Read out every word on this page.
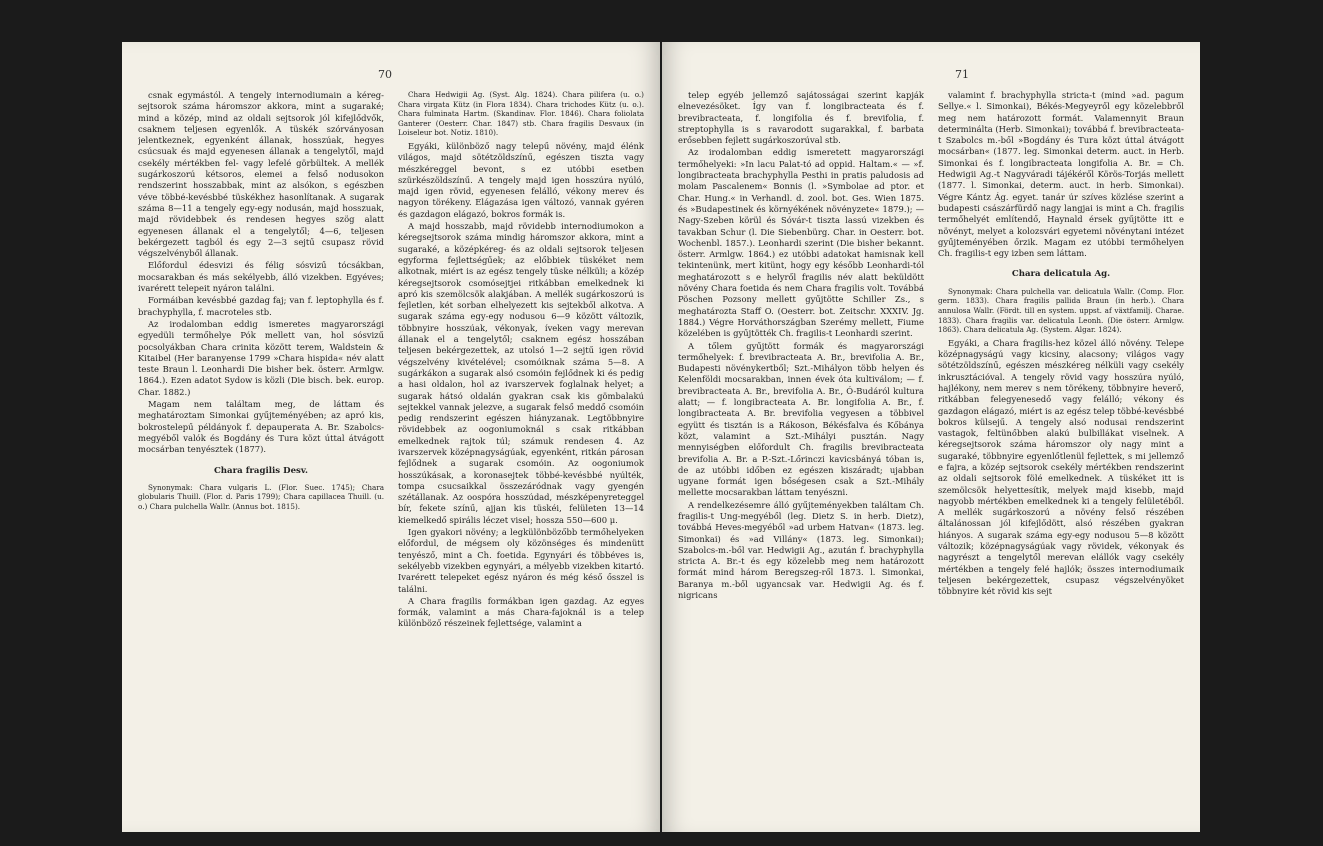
70

csnak egymástól. A tengely internodiumain a kéreg-sejtsorok száma háromszor akkora, mint a sugaraké; mind a közép, mind az oldali sejtsorok jól kifejlődvők, csaknem teljesen egyenlők. A tüskék szórványosan jelentkeznek, egyenként állanak, hosszúak, hegyes csúcsuak és majd egyenesen állanak a tengelytől, majd csekély mértékben fel- vagy lefelé görbültek. A mellék sugárkoszorú kétsoros, elemei a felső nodusokon rendszerint hosszabbak, mint az alsókon, s egészben véve többé-kevésbbé tüskékhez hasonlítanak. A sugarak száma 8—11 a tengely egy-egy nodusán, majd hosszuak, majd rövidebbek és rendesen hegyes szög alatt egyenesen állanak el a tengelytől; 4—6, teljesen bekérgezett tagból és egy 2—3 sejtű csupasz rövid végszelvényből állanak.

Előfordul édesvizi és félig sósvizű tócsákban, mocsarakban és más sekélyebb, álló vizekben. Egyéves; ivarérett telepeit nyáron találni.

Formáiban kevésbbé gazdag faj; van f. leptophylla és f. brachyphylla, f. macroteles stb.

Az irodalomban eddig ismeretes magyarországi egyedüli termőhelye Pók mellett van, hol sósvizű pocsolyákban Chara crinita között terem, Waldstein & Kitaibel (Her baranyense 1799 »Chara hispida« név alatt teste Braun l. Leonhardi Die bisher bek. österr. Armlgw. 1864.). Ezen adatot Sydow is közli (Die bisch. bek. europ. Char. 1882.)

Magam nem találtam meg, de láttam és meghatároztam Simonkai gyűjteményében; az apró kis, bokrostelepű példányok f. depauperata A. Br. Szabolcs-megyéből valók és Bogdány és Tura közt úttal átvágott mocsárban tenyésztek (1877).

Chara fragilis Desv.

Synonymak: Chara vulgaris L. (Flor. Suec. 1745); Chara globularis Thuill. (Flor. d. Paris 1799); Chara capillacea Thuill. (u. o.) Chara pulchella Wallr. (Annus bot. 1815).

Chara Hedwigii Ag. (Syst. Alg. 1824). Chara pilifera (u. o.) Chara virgata Kütz (in Flora 1834). Chara trichodes Kütz (u. o.). Chara fulminata Hartm. (Skandinav. Flor. 1846). Chara foliolata Ganterer (Oesterr. Char. 1847) stb. Chara fragilis Desvaux (in Loiseleur bot. Notiz. 1810).

Egyáki, különböző nagy telepű növény, majd élénk világos, majd sötétzöldszínű, egészen tiszta vagy mészkéreggel bevont, s ez utóbbi esetben szürkészöldszínű. A tengely majd igen hosszúra nyúló, majd igen rövid, egyenesen felálló, vékony merev és nagyon törékeny. Elágazása igen változó, vannak gyéren és gazdagon elágazó, bokros formák is.

A majd hosszabb, majd rövidebb internodiumokon a kéregsejtsorok száma mindig háromszor akkora, mint a sugaraké, a középkéreg- és az oldali sejtsorok teljesen egyforma fejlettségűek; az előbbiek tüskéket nem alkotnak, miért is az egész tengely tüske nélküli; a közép kéregsejtsorok csomósejtjei ritkábban emelkednek ki apró kis szemölcsök alakjában. A mellék sugárkoszorú is fejletlen, két sorban elhelyezett kis sejtekből alkotva. A sugarak száma egy-egy nodusou 6—9 között változik, többnyire hosszúak, vékonyak, íveken vagy merevan állanak el a tengelytől; csaknem egész hosszában teljesen bekérgezettek, az utolsó 1—2 sejtű igen rövid végszelvény kivételével; csomóiknak száma 5—8. A sugárkákon a sugarak alsó csomóin fejlődnek ki és pedig a hasi oldalon, hol az ivarszervek foglalnak helyet; a sugarak hátsó oldalán gyakran csak kis gömbalakú sejtekkel vannak jelezve, a sugarak felső meddő csomóin pedig rendszerint egészen hiányzanak. Legtöbbnyire rövidebbek az oogoniumoknál s csak ritkábban emelkednek rajtok túl; számuk rendesen 4. Az ivarszervek középnagyságúak, egyenként, ritkán párosan fejlődnek a sugarak csomóin. Az oogoniumok hosszúkásak, a koronasejtek többé-kevésbbé nyúlték, tompa csucsaikkal összezáródnak vagy gyengén szétállanak. Az oospóra hosszúdad, mészképenyreteggel bír, fekete színű, ajjan kis tüskéi, felületen 13—14 kiemelkedő spirális léczet visel; hossza 550—600 μ.

Igen gyakori növény; a legkülönbözőbb termőhelyeken előfordul, de mégsem oly közönséges és mindenütt tenyésző, mint a Ch. foetida. Egynyári és többéves is, sekélyebb vizekben egynyári, a mélyebb vizekben kitartó. Ivarérett telepeket egész nyáron és még késő ősszel is találni.

A Chara fragilis formákban igen gazdag. Az egyes formák, valamint a más Chara-fajoknál is a telep különböző részeinek fejlettsége, valamint a

71

telep egyéb jellemző sajátosságai szerint kapják elnevezésöket. Így van f. longibracteata és f. brevibracteata, f. longifolia és f. brevifolia, f. streptophylla is s ravarodott sugarakkal, f. barbata erősebben fejlett sugárkoszorúval stb.

Az irodalomban eddig ismeretett magyarországi termőhelyeki: »In lacu Palat-tó ad oppid. Haltam.« — »f. longibracteata brachyphylla Pesthi in pratis paludosis ad molam Pascalenem« Bonnis (l. »Symbolae ad ptor. et Char. Hung.« in Verhandl. d. zool. bot. Ges. Wien 1875. és »Budapestinek és környékének növényzete« 1879.); — Nagy-Szeben körül és Sóvár-t tiszta lassú vizekben és tavakban Schur (l. Die Siebenbürg. Char. in Oesterr. bot. Wochenbl. 1857.). Leonhardi szerint (Die bisher bekannt. österr. Armlgw. 1864.) ez utóbbi adatokat hamisnak kell tekintenünk, mert kitünt, hogy egy később Leonhardi-tól meghatározott s e helyről fragilis név alatt beküldött növény Chara foetida és nem Chara fragilis volt. Továbbá Pöschen Pozsony mellett gyűjtötte Schiller Zs., s meghatározta Staff O. (Oesterr. bot. Zeitschr. XXXIV. Jg. 1884.) Végre Horváthországban Szerémy mellett, Fiume közelében is gyűjtötték Ch. fragilis-t Leonhardi szerint.

A tőlem gyűjtött formák és magyarországi termőhelyek: f. brevibracteata A. Br., brevifolia A. Br., Budapesti növénykertből; Szt.-Mihályon több helyen és Kelenföldi mocsarakban, innen évek óta kultiválom; — f. brevibracteata A. Br., brevifolia A. Br., Ó-Budáról kultura alatt; — f. longibracteata A. Br. longifolia A. Br., f. longibracteata A. Br. brevifolia vegyesen a többivel együtt és tisztán is a Rákoson, Békésfalva és Kőbánya közt, valamint a Szt.-Mihályi pusztán. Nagy mennyiségben előfordult Ch. fragilis brevibracteata brevifolia A. Br. a P.-Szt.-Lőrinczi kavicsbányá tóban is, de az utóbbi időben ez egészen kiszáradt; ujabban ugyane formát igen bőségesen csak a Szt.-Mihály mellette mocsarakban láttam tenyészni.

A rendelkezésemre álló gyűjteményekben találtam Ch. fragilis-t Ung-megyéből (leg. Dietz S. in herb. Dietz), továbbá Heves-megyéből »ad urbem Hatvan« (1873. leg. Simonkai) és »ad Villány« (1873. leg. Simonkai); Szabolcs-m.-ből var. Hedwigii Ag., azután f. brachyphylla stricta A. Br.-t és egy közelebb meg nem határozott formát mind három Beregszeg-ről 1873. l. Simonkai, Baranya m.-ből ugyancsak var. Hedwigii Ag. és f. nigricans

valamint f. brachyphylla stricta-t (mind »ad. pagum Sellye.« l. Simonkai), Békés-Megyeyről egy közelebbről meg nem határozott formát. Valamennyit Braun determinálta (Herb. Simonkai); továbbá f. brevibracteata-t Szabolcs m.-ből »Bogdány és Tura közt úttal átvágott mocsárban« (1877. leg. Simonkai determ. auct. in Herb. Simonkai és f. longibracteata longifolia A. Br. = Ch. Hedwigii Ag.-t Nagyváradi tájékéről Körös-Torjás mellett (1877. l. Simonkai, determ. auct. in herb. Simonkai). Végre Kántz Ág. egyet. tanár úr szíves közlése szerint a budapesti császárfürdő nagy langjai is mint a Ch. fragilis termőhelyét említendő, Haynald érsek gyűjtötte itt e növényt, melyet a kolozsvári egyetemi növénytani intézet gyűjteményében őrzik. Magam ez utóbbi termőhelyen Ch. fragilis-t egy izben sem láttam.

Chara delicatula Ag.

Synonymak: Chara pulchella var. delicatula Wallr. (Comp. Flor. germ. 1833). Chara fragilis pallida Braun (in herb.). Chara annulosa Wallr. (Fördt. till en system. uppst. af växtfamilj. Charae. 1833). Chara fragilis var. delicatula Leonh. (Die österr. Armlgw. 1863). Chara delicatula Ag. (System. Algar. 1824).

Egyáki, a Chara fragilis-hez közel álló növény. Telepe középnagyságú vagy kicsiny, alacsony; világos vagy sötétzöldszínű, egészen mészkéreg nélküli vagy csekély inkrusztációval. A tengely rövid vagy hosszúra nyúló, hajlékony, nem merev s nem törékeny, többnyire heverő, ritkábban felegyenesedő vagy felálló; vékony és gazdagon elágazó, miért is az egész telep többé-kevésbbé bokros külsejű. A tengely alsó nodusai rendszerint vastagok, feltünőbben alakú bulbillákat viselnek. A kéregsejtsorok száma háromszor oly nagy mint a sugaraké, többnyire egyenlőtlenül fejlettek, s mi jellemző e fajra, a közép sejtsorok csekély mértékben rendszerint az oldali sejtsorok fölé emelkednek. A tüskéket itt is szemölcsök helyettesítik, melyek majd kisebb, majd nagyobb mértékben emelkednek ki a tengely felületéből. A mellék sugárkoszorú a növény felső részében általánossan jól kifejlődött, alsó részében gyakran hiányos. A sugarak száma egy-egy nodusou 5—8 között változik; középnagyságúak vagy rövidek, vékonyak és nagyrészt a tengelytől merevan elállók vagy csekély mértékben a tengely felé hajlók; összes internodiumaik teljesen bekérgezettek, csupasz végszelvényöket többnyire két rövid kis sejt
